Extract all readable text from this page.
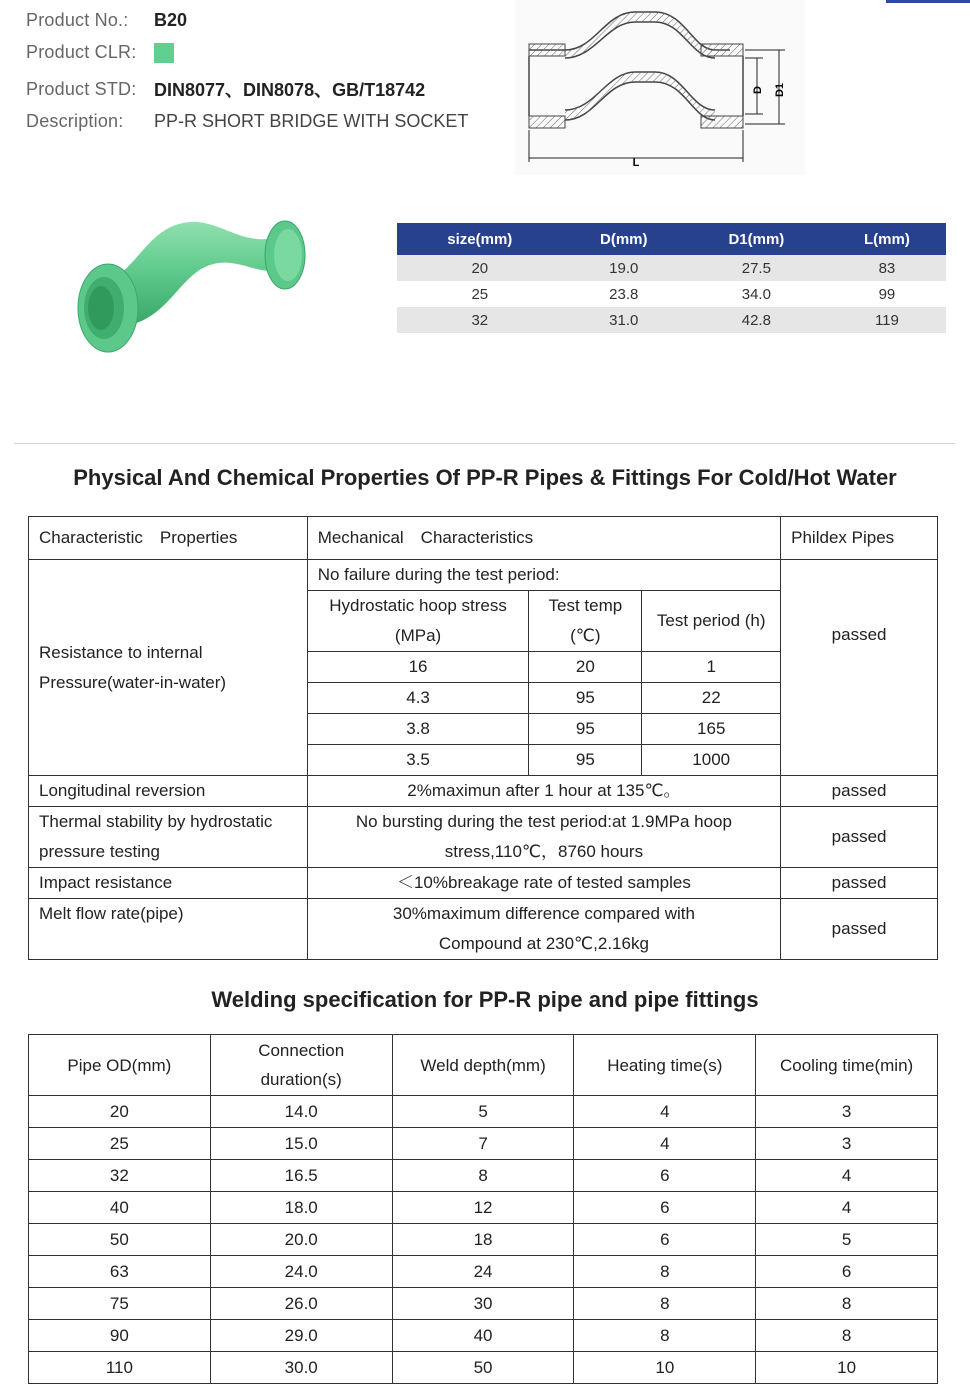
Product No.:	B20
Product CLR:
Product STD: DIN8077、DIN8078、GB/T18742
Description:	PP-R SHORT BRIDGE WITH SOCKET
D D1
L
size(mm)	D(mm)	D1(mm)	L(mm)
20	19.0	27.5	83
25	23.8	34.0	99
32	31.0	42.8	119
Physical And Chemical Properties Of PP-R Pipes & Fittings For Cold/Hot Water
Characteristic　Properties	Mechanical　Characteristics			Phildex Pipes
Resistance to internal Pressure(water-in-water)	No failure during the test period:			passed
	Hydrostatic hoop stress (MPa)	Test temp (℃)	Test period (h)	
	16	20	1	
	4.3	95	22	
	3.8	95	165	
	3.5	95	1000	

Longitudinal reversion	2%maximun after 1 hour at 135℃。			passed
Thermal stability by hydrostatic pressure testing	No bursting during the test period:at 1.9MPa hoop stress,110℃，8760 hours			passed
Impact resistance	＜10%breakage rate of tested samples			passed
Melt flow rate(pipe)	30%maximum difference compared with Compound at 230℃,2.16kg			passed
Welding specification for PP-R pipe and pipe fittings
Pipe OD(mm)	Connection duration(s)	Weld depth(mm)	Heating time(s)	Cooling time(min)
20	14.0	5	4	3
25	15.0	7	4	3
32	16.5	8	6	4
40	18.0	12	6	4
50	20.0	18	6	5
63	24.0	24	8	6
75	26.0	30	8	8
90	29.0	40	8	8
110	30.0	50	10	10
